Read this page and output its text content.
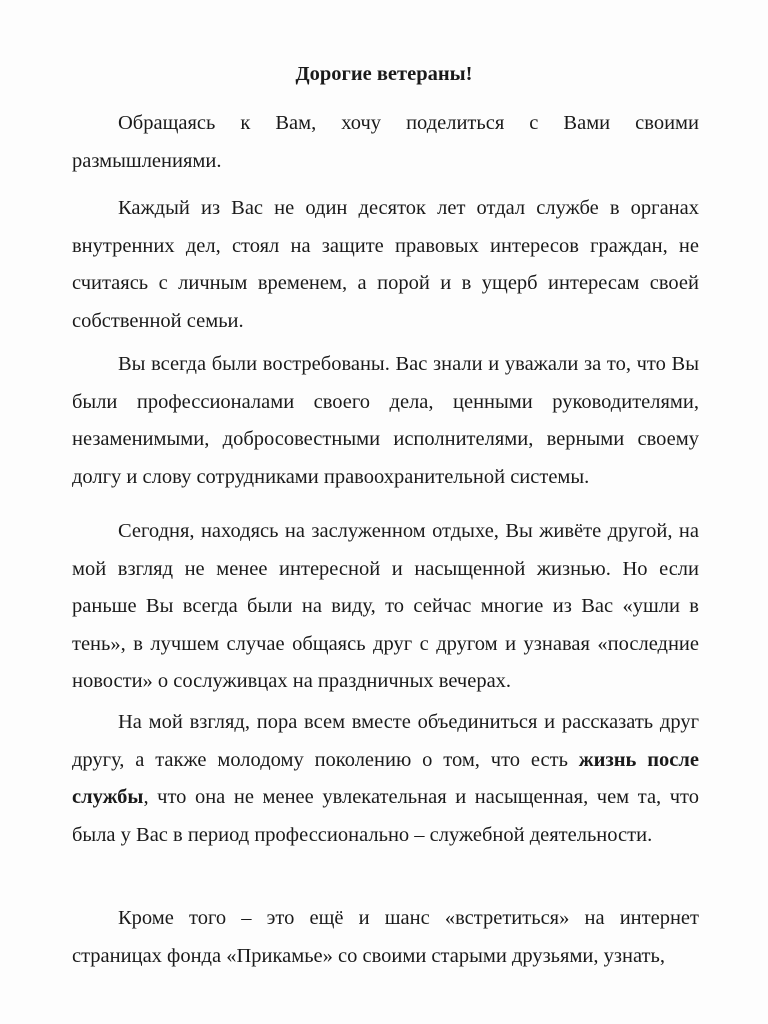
Дорогие ветераны!

Обращаясь к Вам, хочу поделиться с Вами своими размышлениями.

Каждый из Вас не один десяток лет отдал службе в органах внутренних дел, стоял на защите правовых интересов граждан, не считаясь с личным временем, а порой и в ущерб интересам своей собственной семьи.

Вы всегда были востребованы. Вас знали и уважали за то, что Вы были профессионалами своего дела, ценными руководителями, незаменимыми, добросовестными исполнителями, верными своему долгу и слову сотрудниками правоохранительной системы.

Сегодня, находясь на заслуженном отдыхе, Вы живёте другой, на мой взгляд не менее интересной и насыщенной жизнью. Но если раньше Вы всегда были на виду, то сейчас многие из Вас «ушли в тень», в лучшем случае общаясь друг с другом и узнавая «последние новости» о сослуживцах на праздничных вечерах.

На мой взгляд, пора всем вместе объединиться и рассказать друг другу, а также молодому поколению о том, что есть жизнь после службы, что она не менее увлекательная и насыщенная, чем та, что была у Вас в период профессионально – служебной деятельности.

Кроме того – это ещё и шанс «встретиться» на интернет страницах фонда «Прикамье» со своими старыми друзьями, узнать,
